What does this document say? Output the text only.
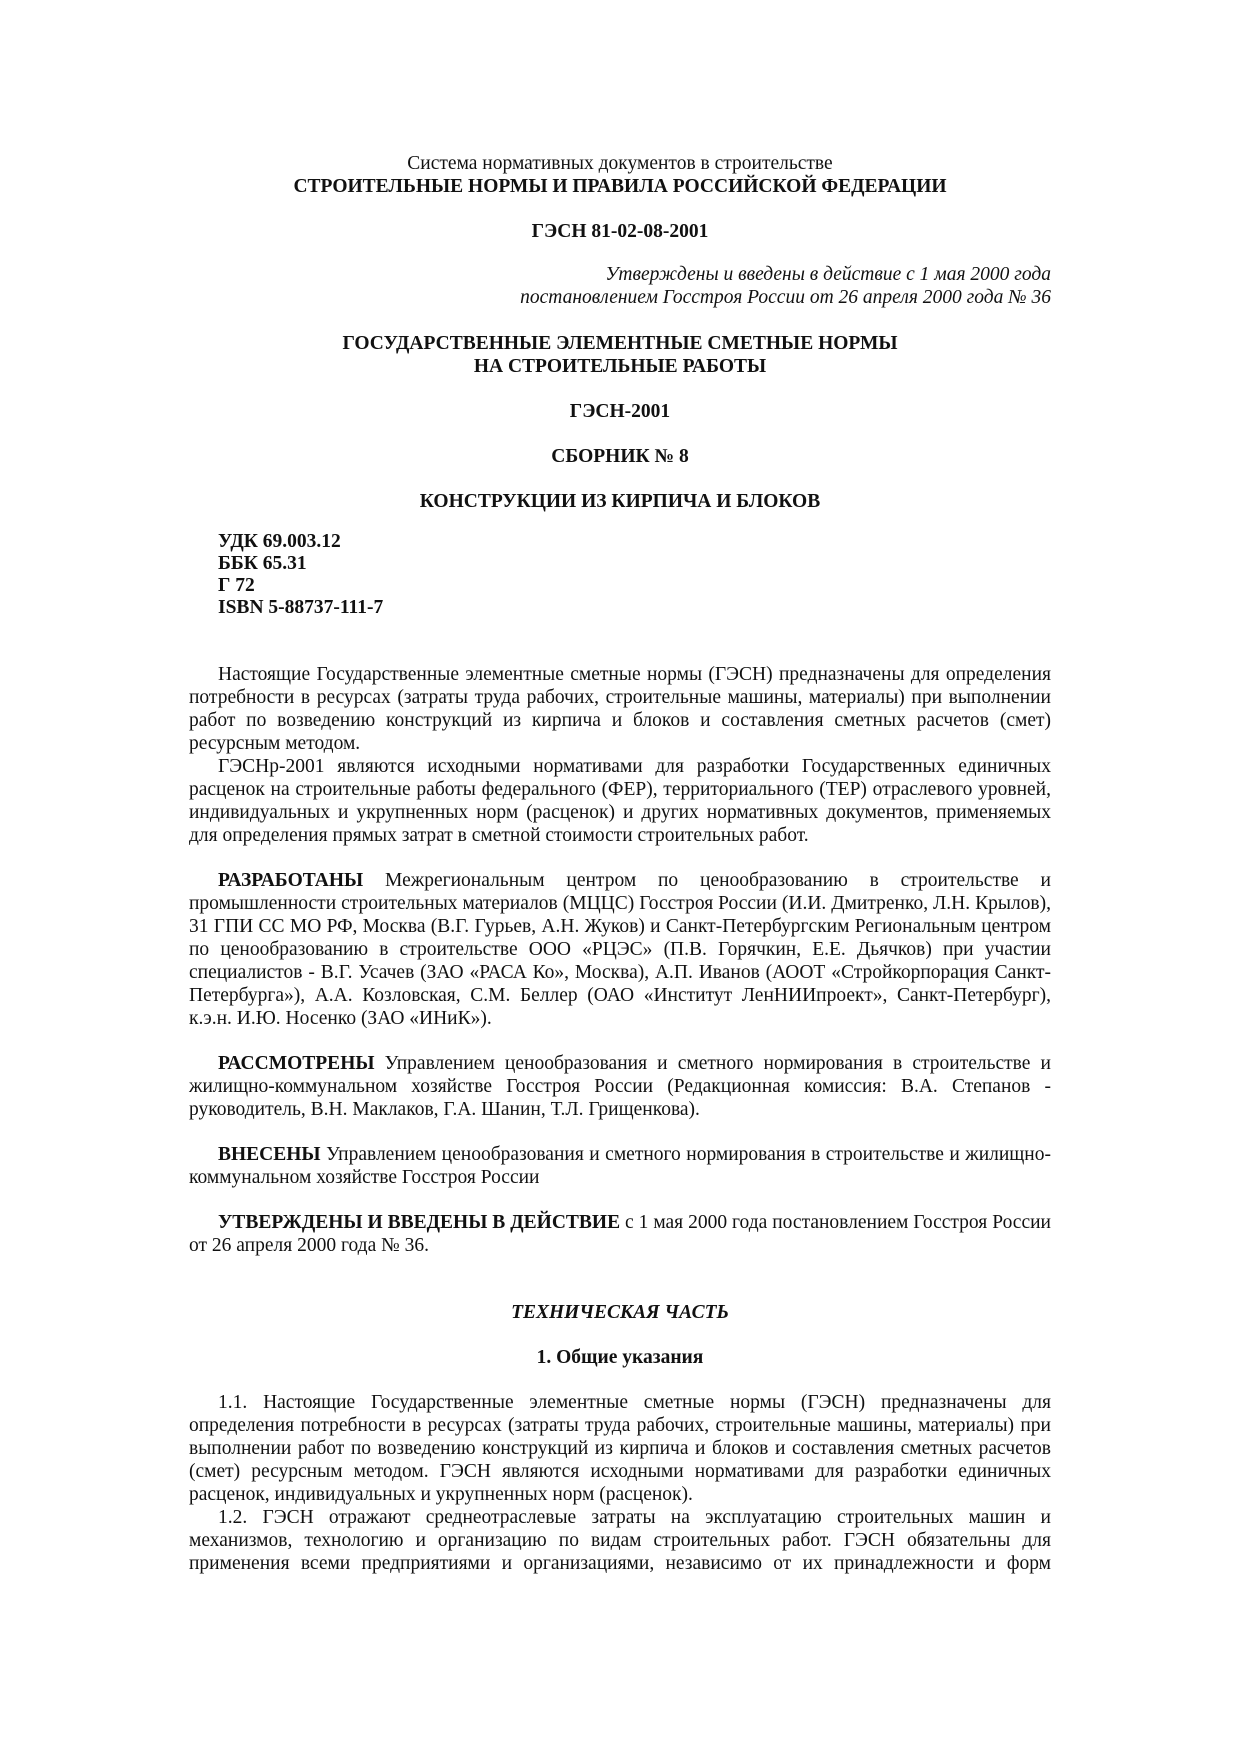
Система нормативных документов в строительстве
СТРОИТЕЛЬНЫЕ НОРМЫ И ПРАВИЛА РОССИЙСКОЙ ФЕДЕРАЦИИ
ГЭСН 81-02-08-2001
Утверждены и введены в действие с 1 мая 2000 года
постановлением Госстроя России от 26 апреля 2000 года № 36
ГОСУДАРСТВЕННЫЕ ЭЛЕМЕНТНЫЕ СМЕТНЫЕ НОРМЫ
НА СТРОИТЕЛЬНЫЕ РАБОТЫ
ГЭСН-2001
СБОРНИК № 8
КОНСТРУКЦИИ ИЗ КИРПИЧА И БЛОКОВ
УДК 69.003.12
ББК 65.31
Г 72
ISBN 5-88737-111-7

Настоящие Государственные элементные сметные нормы (ГЭСН) предназначены для определения потребности в ресурсах (затраты труда рабочих, строительные машины, материалы) при выполнении работ по возведению конструкций из кирпича и блоков и составления сметных расчетов (смет) ресурсным методом.

ГЭСНр-2001 являются исходными нормативами для разработки Государственных единичных расценок на строительные работы федерального (ФЕР), территориального (ТЕР) отраслевого уровней, индивидуальных и укрупненных норм (расценок) и других нормативных документов, применяемых для определения прямых затрат в сметной стоимости строительных работ.

РАЗРАБОТАНЫ Межрегиональным центром по ценообразованию в строительстве и промышленности строительных материалов (МЦЦС) Госстроя России (И.И. Дмитренко, Л.Н. Крылов), 31 ГПИ СС МО РФ, Москва (В.Г. Гурьев, А.Н. Жуков) и Санкт-Петербургским Региональным центром по ценообразованию в строительстве ООО «РЦЭС» (П.В. Горячкин, Е.Е. Дьячков) при участии специалистов - В.Г. Усачев (ЗАО «РАСА Ко», Москва), А.П. Иванов (АООТ «Стройкорпорация Санкт-Петербурга»), А.А. Козловская, С.М. Беллер (ОАО «Институт ЛенНИИпроект», Санкт-Петербург), к.э.н. И.Ю. Носенко (ЗАО «ИНиК»).

РАССМОТРЕНЫ Управлением ценообразования и сметного нормирования в строительстве и жилищно-коммунальном хозяйстве Госстроя России (Редакционная комиссия: В.А. Степанов - руководитель, В.Н. Маклаков, Г.А. Шанин, Т.Л. Грищенкова).

ВНЕСЕНЫ Управлением ценообразования и сметного нормирования в строительстве и жилищно-коммунальном хозяйстве Госстроя России

УТВЕРЖДЕНЫ И ВВЕДЕНЫ В ДЕЙСТВИЕ с 1 мая 2000 года постановлением Госстроя России от 26 апреля 2000 года № 36.

ТЕХНИЧЕСКАЯ ЧАСТЬ
1. Общие указания

1.1. Настоящие Государственные элементные сметные нормы (ГЭСН) предназначены для определения потребности в ресурсах (затраты труда рабочих, строительные машины, материалы) при выполнении работ по возведению конструкций из кирпича и блоков и составления сметных расчетов (смет) ресурсным методом. ГЭСН являются исходными нормативами для разработки единичных расценок, индивидуальных и укрупненных норм (расценок).

1.2. ГЭСН отражают среднеотраслевые затраты на эксплуатацию строительных машин и механизмов, технологию и организацию по видам строительных работ. ГЭСН обязательны для применения всеми предприятиями и организациями, независимо от их принадлежности и форм
